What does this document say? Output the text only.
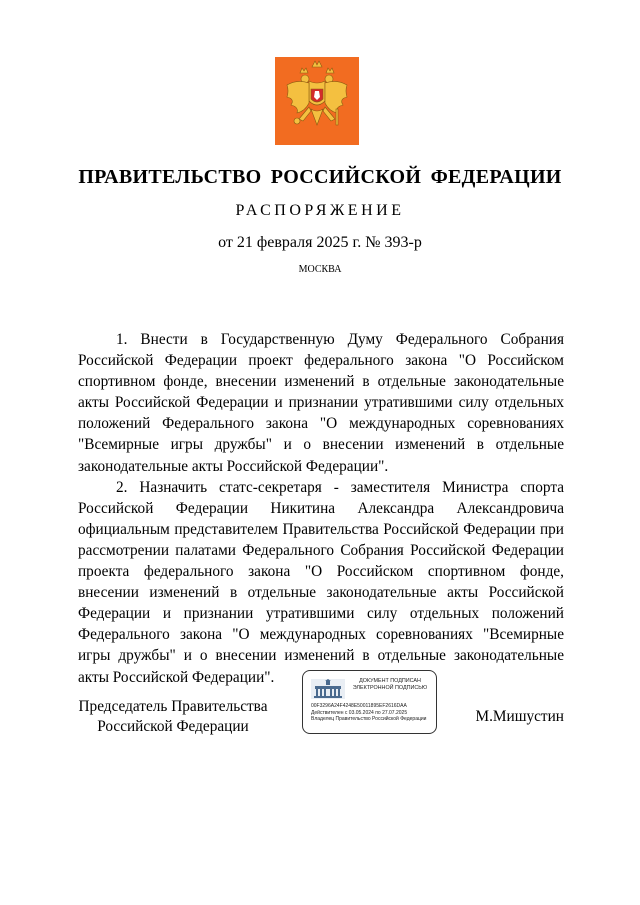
ПРАВИТЕЛЬСТВО РОССИЙСКОЙ ФЕДЕРАЦИИ
РАСПОРЯЖЕНИЕ
от 21 февраля 2025 г. № 393-р
МОСКВА

1. Внести в Государственную Думу Федерального Собрания Российской Федерации проект федерального закона "О Российском спортивном фонде, внесении изменений в отдельные законодательные акты Российской Федерации и признании утратившими силу отдельных положений Федерального закона "О международных соревнованиях "Всемирные игры дружбы" и о внесении изменений в отдельные законодательные акты Российской Федерации".

2. Назначить статс-секретаря - заместителя Министра спорта Российской Федерации Никитина Александра Александровича официальным представителем Правительства Российской Федерации при рассмотрении палатами Федерального Собрания Российской Федерации проекта федерального закона "О Российском спортивном фонде, внесении изменений в отдельные законодательные акты Российской Федерации и признании утратившими силу отдельных положений Федерального закона "О международных соревнованиях "Всемирные игры дружбы" и о внесении изменений в отдельные законодательные акты Российской Федерации".

Председатель Правительства
Российской Федерации
ДОКУМЕНТ ПОДПИСАН
ЭЛЕКТРОННОЙ ПОДПИСЬЮ
00F3296A24F4248E50011895EF2616DAA
Действителен с 03.05.2024 по 27.07.2025
Владелец Правительство Российской Федерации	М.Мишустин
